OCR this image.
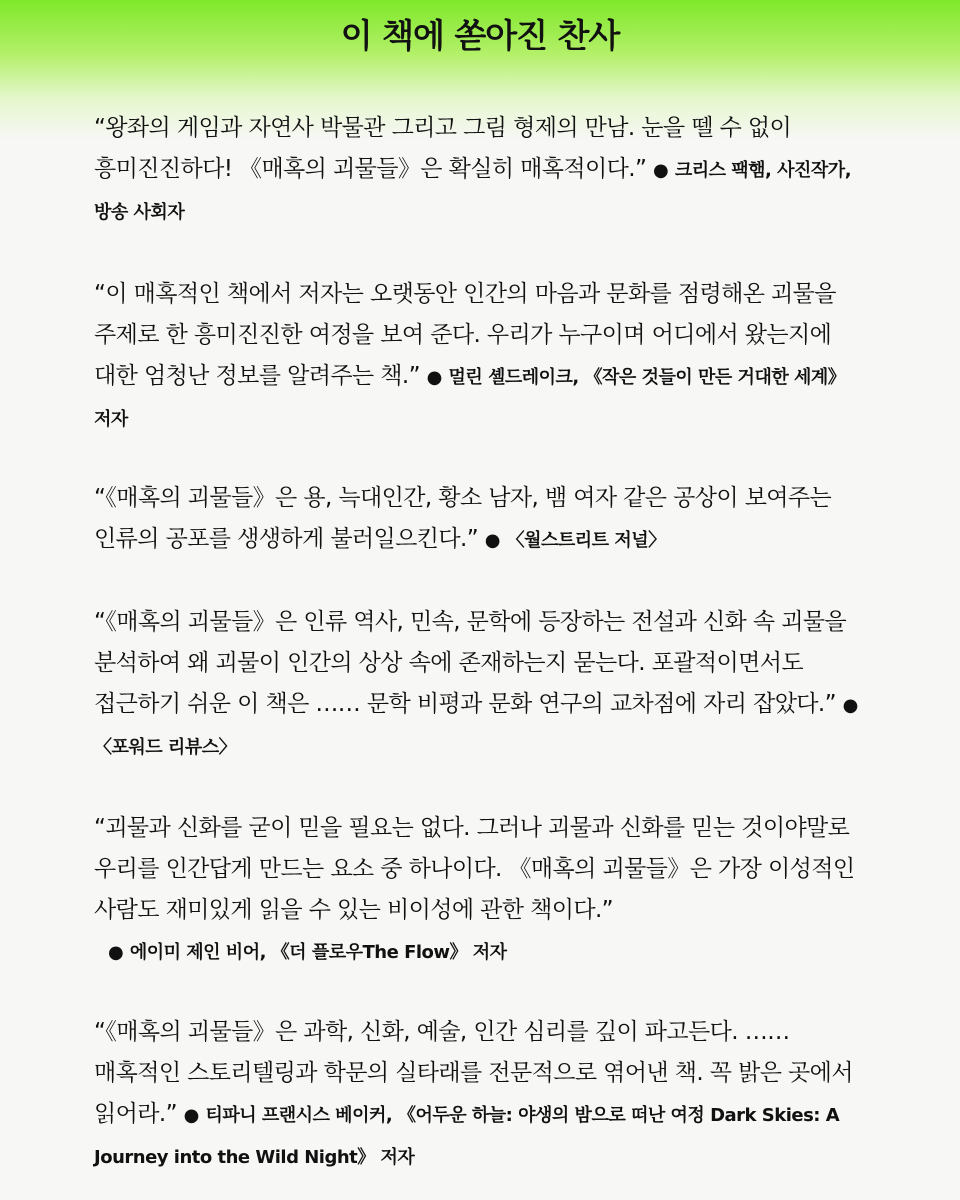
이 책에 쏟아진 찬사
“왕좌의 게임과 자연사 박물관 그리고 그림 형제의 만남. 눈을 뗄 수 없이 흥미진진하다! 《매혹의 괴물들》은 확실히 매혹적이다.” ● 크리스 팩햄, 사진작가, 방송 사회자
“이 매혹적인 책에서 저자는 오랫동안 인간의 마음과 문화를 점령해온 괴물을 주제로 한 흥미진진한 여정을 보여 준다. 우리가 누구이며 어디에서 왔는지에 대한 엄청난 정보를 알려주는 책.” ● 멀린 셸드레이크, 《작은 것들이 만든 거대한 세계》 저자
“《매혹의 괴물들》은 용, 늑대인간, 황소 남자, 뱀 여자 같은 공상이 보여주는 인류의 공포를 생생하게 불러일으킨다.” ● 〈월스트리트 저널〉
“《매혹의 괴물들》은 인류 역사, 민속, 문학에 등장하는 전설과 신화 속 괴물을 분석하여 왜 괴물이 인간의 상상 속에 존재하는지 묻는다. 포괄적이면서도 접근하기 쉬운 이 책은 …… 문학 비평과 문화 연구의 교차점에 자리 잡았다.” ● 〈포워드 리뷰스〉
“괴물과 신화를 굳이 믿을 필요는 없다. 그러나 괴물과 신화를 믿는 것이야말로 우리를 인간답게 만드는 요소 중 하나이다. 《매혹의 괴물들》은 가장 이성적인 사람도 재미있게 읽을 수 있는 비이성에 관한 책이다.”
● 에이미 제인 비어, 《더 플로우The Flow》 저자
“《매혹의 괴물들》은 과학, 신화, 예술, 인간 심리를 깊이 파고든다. …… 매혹적인 스토리텔링과 학문의 실타래를 전문적으로 엮어낸 책. 꼭 밝은 곳에서 읽어라.” ● 티파니 프랜시스 베이커, 《어두운 하늘: 야생의 밤으로 떠난 여정 Dark Skies: A Journey into the Wild Night》 저자
